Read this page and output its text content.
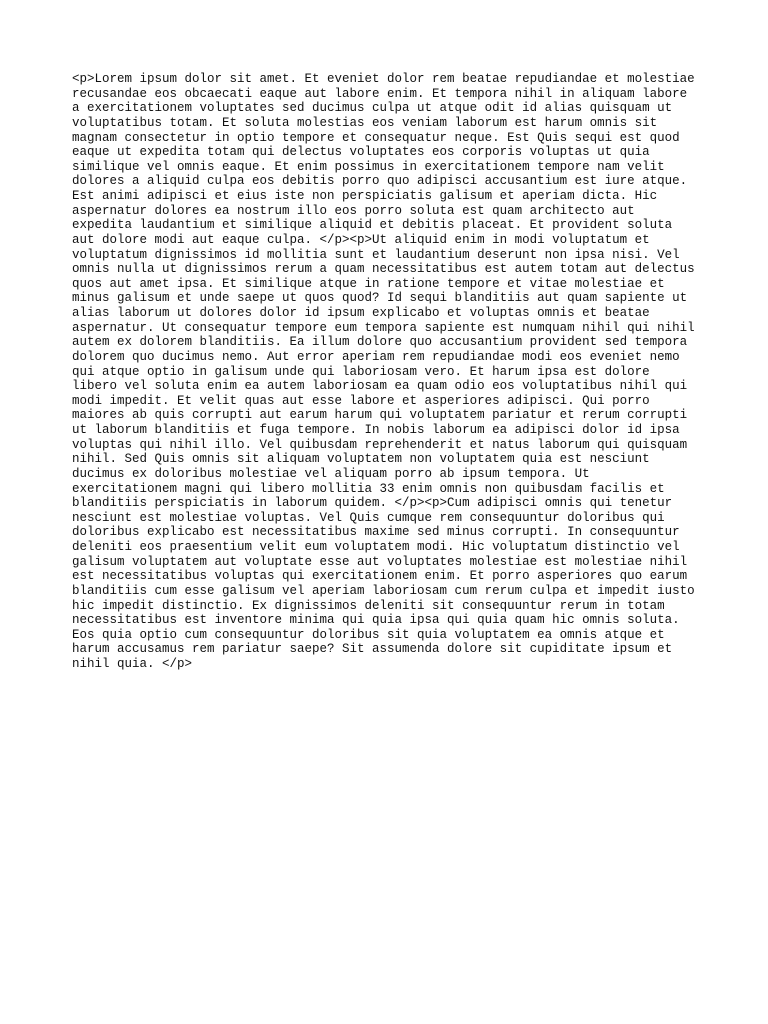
<p>Lorem ipsum dolor sit amet. Et eveniet dolor rem beatae repudiandae et molestiae
recusandae eos obcaecati eaque aut labore enim. Et tempora nihil in aliquam labore
a exercitationem voluptates sed ducimus culpa ut atque odit id alias quisquam ut
voluptatibus totam. Et soluta molestias eos veniam laborum est harum omnis sit
magnam consectetur in optio tempore et consequatur neque. Est Quis sequi est quod
eaque ut expedita totam qui delectus voluptates eos corporis voluptas ut quia
similique vel omnis eaque. Et enim possimus in exercitationem tempore nam velit
dolores a aliquid culpa eos debitis porro quo adipisci accusantium est iure atque.
Est animi adipisci et eius iste non perspiciatis galisum et aperiam dicta. Hic
aspernatur dolores ea nostrum illo eos porro soluta est quam architecto aut
expedita laudantium et similique aliquid et debitis placeat. Et provident soluta
aut dolore modi aut eaque culpa. </p><p>Ut aliquid enim in modi voluptatum et
voluptatum dignissimos id mollitia sunt et laudantium deserunt non ipsa nisi. Vel
omnis nulla ut dignissimos rerum a quam necessitatibus est autem totam aut delectus
quos aut amet ipsa. Et similique atque in ratione tempore et vitae molestiae et
minus galisum et unde saepe ut quos quod? Id sequi blanditiis aut quam sapiente ut
alias laborum ut dolores dolor id ipsum explicabo et voluptas omnis et beatae
aspernatur. Ut consequatur tempore eum tempora sapiente est numquam nihil qui nihil
autem ex dolorem blanditiis. Ea illum dolore quo accusantium provident sed tempora
dolorem quo ducimus nemo. Aut error aperiam rem repudiandae modi eos eveniet nemo
qui atque optio in galisum unde qui laboriosam vero. Et harum ipsa est dolore
libero vel soluta enim ea autem laboriosam ea quam odio eos voluptatibus nihil qui
modi impedit. Et velit quas aut esse labore et asperiores adipisci. Qui porro
maiores ab quis corrupti aut earum harum qui voluptatem pariatur et rerum corrupti
ut laborum blanditiis et fuga tempore. In nobis laborum ea adipisci dolor id ipsa
voluptas qui nihil illo. Vel quibusdam reprehenderit et natus laborum qui quisquam
nihil. Sed Quis omnis sit aliquam voluptatem non voluptatem quia est nesciunt
ducimus ex doloribus molestiae vel aliquam porro ab ipsum tempora. Ut
exercitationem magni qui libero mollitia 33 enim omnis non quibusdam facilis et
blanditiis perspiciatis in laborum quidem. </p><p>Cum adipisci omnis qui tenetur
nesciunt est molestiae voluptas. Vel Quis cumque rem consequuntur doloribus qui
doloribus explicabo est necessitatibus maxime sed minus corrupti. In consequuntur
deleniti eos praesentium velit eum voluptatem modi. Hic voluptatum distinctio vel
galisum voluptatem aut voluptate esse aut voluptates molestiae est molestiae nihil
est necessitatibus voluptas qui exercitationem enim. Et porro asperiores quo earum
blanditiis cum esse galisum vel aperiam laboriosam cum rerum culpa et impedit iusto
hic impedit distinctio. Ex dignissimos deleniti sit consequuntur rerum in totam
necessitatibus est inventore minima qui quia ipsa qui quia quam hic omnis soluta.
Eos quia optio cum consequuntur doloribus sit quia voluptatem ea omnis atque et
harum accusamus rem pariatur saepe? Sit assumenda dolore sit cupiditate ipsum et
nihil quia. </p>
